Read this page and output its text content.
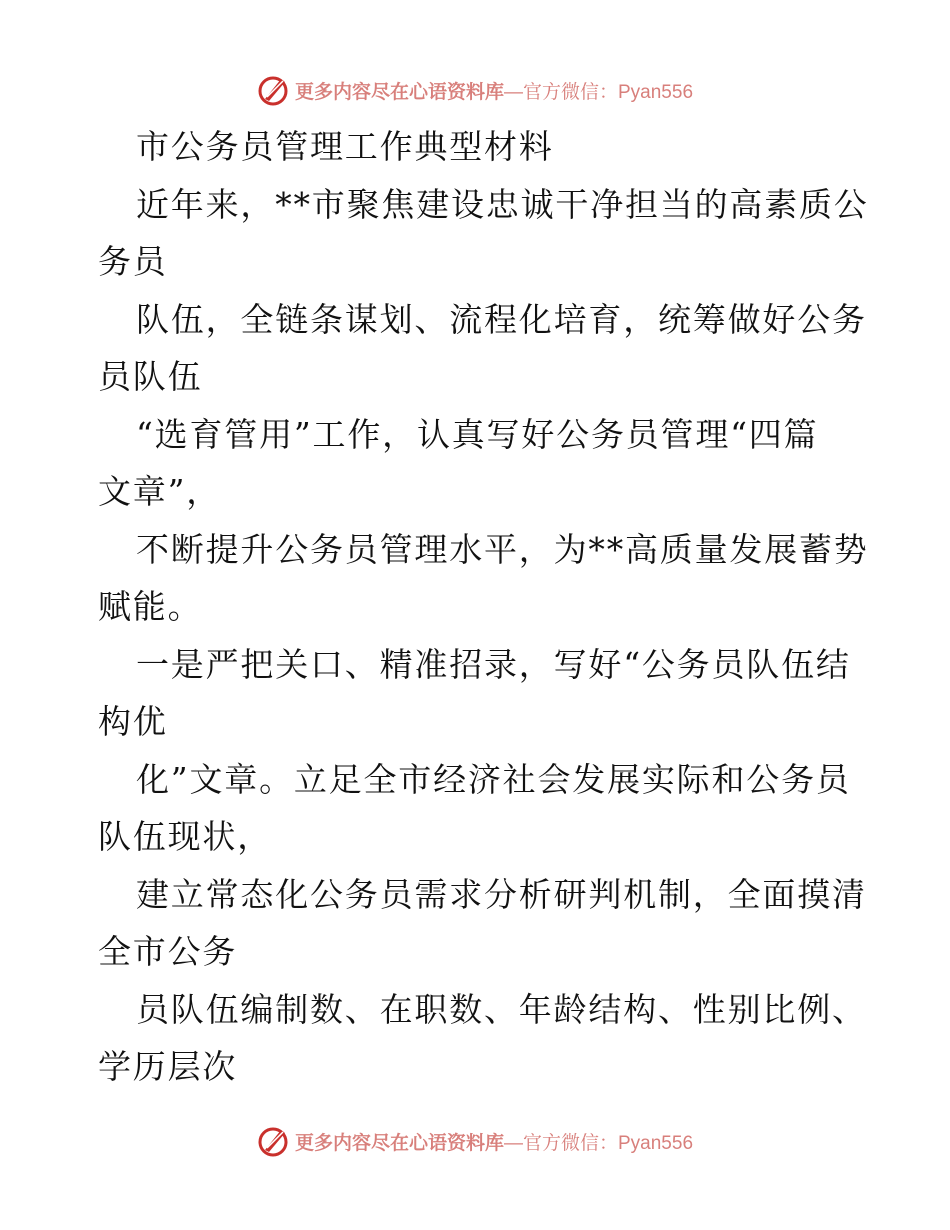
更多内容尽在心语资料库 —官方微信：Pyan556
市公务员管理工作典型材料
近年来，**市聚焦建设忠诚干净担当的高素质公
务员
队伍，全链条谋划、流程化培育，统筹做好公务
员队伍
“选育管用”工作，认真写好公务员管理“四篇
文章”，
不断提升公务员管理水平，为**高质量发展蓄势
赋能。
一是严把关口、精准招录，写好“公务员队伍结
构优
化”文章。立足全市经济社会发展实际和公务员
队伍现状，
建立常态化公务员需求分析研判机制，全面摸清
全市公务
员队伍编制数、在职数、年龄结构、性别比例、
学历层次
更多内容尽在心语资料库 —官方微信：Pyan556
